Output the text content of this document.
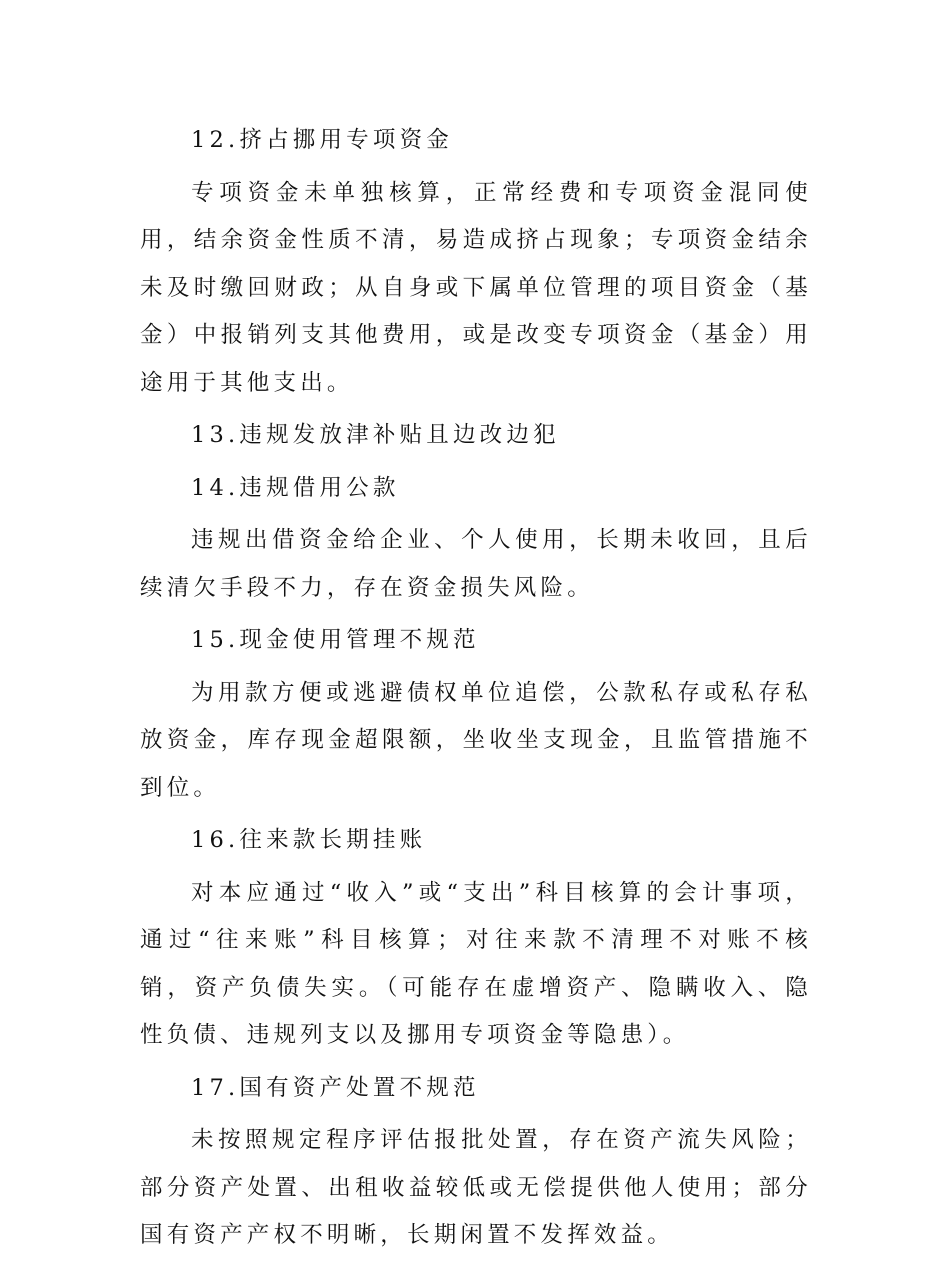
12.挤占挪用专项资金

专项资金未单独核算，正常经费和专项资金混同使用，结余资金性质不清，易造成挤占现象；专项资金结余未及时缴回财政；从自身或下属单位管理的项目资金（基金）中报销列支其他费用，或是改变专项资金（基金）用途用于其他支出。

13.违规发放津补贴且边改边犯

14.违规借用公款

违规出借资金给企业、个人使用，长期未收回，且后续清欠手段不力，存在资金损失风险。

15.现金使用管理不规范

为用款方便或逃避债权单位追偿，公款私存或私存私放资金，库存现金超限额，坐收坐支现金，且监管措施不到位。

16.往来款长期挂账

对本应通过“收入”或“支出”科目核算的会计事项，通过“往来账”科目核算；对往来款不清理不对账不核销，资产负债失实。（可能存在虚增资产、隐瞒收入、隐性负债、违规列支以及挪用专项资金等隐患）。

17.国有资产处置不规范

未按照规定程序评估报批处置，存在资产流失风险；部分资产处置、出租收益较低或无偿提供他人使用；部分国有资产产权不明晰，长期闲置不发挥效益。
